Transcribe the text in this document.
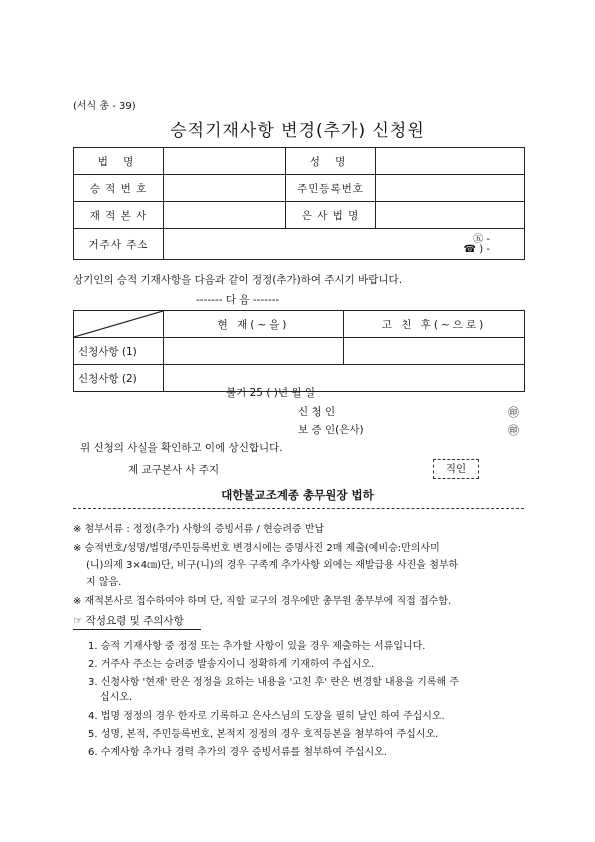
(서식 총 - 39)
승적기재사항 변경(추가) 신청원
법 명		성 명	
승 적 번 호		주민등록번호	
재 적 본 사		은 사 법 명	
거주사 주소	㊄ -
☎ ) -		
상기인의 승적 기재사항을 다음과 같이 정정(추가)하여 주시기 바랍니다.
------- 다 음 -------
	현 재(~을)	고 친 후(~으로)
신청사항 (1)		
신청사항 (2)		
불기 25 ( )년 월 일
신 청 인	㊞
보 증 인(은사)	㊞
위 신청의 사실을 확인하고 이에 상신합니다.
제 교구본사 사 주지	직인
대한불교조계종 총무원장 법하
※ 첨부서류 : 정정(추가) 사항의 증빙서류 / 현승려증 반납
※ 승적번호/성명/법명/주민등록번호 변경시에는 증명사진 2매 제출(예비승:만의사미
(니)의제 3×4㎝)단, 비구(니)의 경우 구족계 추가사항 외에는 재발급용 사진을 첨부하
지 않음.
※ 재적본사로 접수하여야 하며 단, 직할 교구의 경우에만 총무원 총무부에 직접 접수함.
☞ 작성요령 및 주의사항
1. 승적 기재사항 중 정정 또는 추가할 사항이 있을 경우 제출하는 서류입니다.
2. 거주사 주소는 승려증 발송지이니 정확하게 기재하여 주십시오.
3. 신청사항 '현재' 란은 정정을 요하는 내용을 '고친 후' 란은 변경할 내용을 기록해 주
십시오.
4. 법명 정정의 경우 한자로 기록하고 은사스님의 도장을 필히 날인 하여 주십시오.
5. 성명, 본적, 주민등록번호, 본적지 정정의 경우 호적등본을 첨부하여 주십시오.
6. 수계사항 추가나 경력 추가의 경우 증빙서류를 첨부하여 주십시오.
